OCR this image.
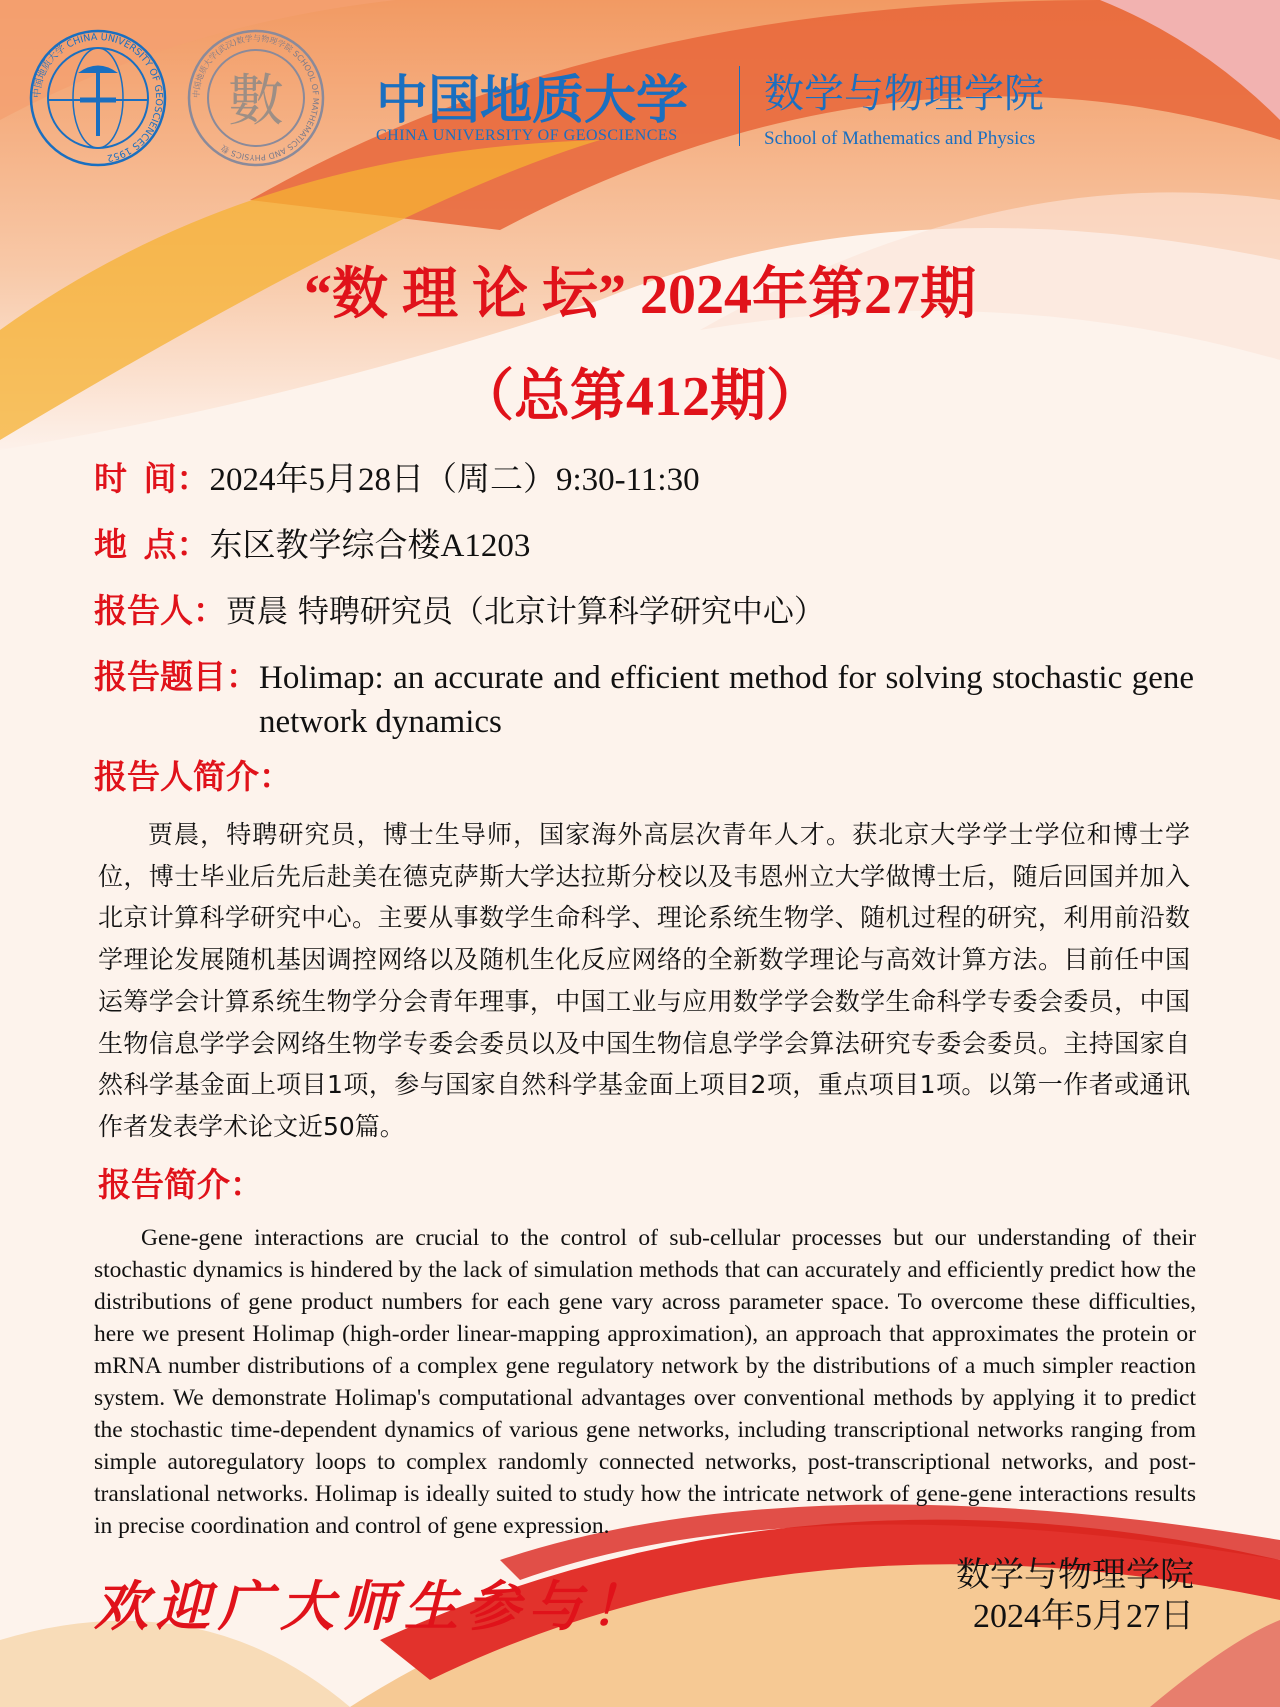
中国地质大学 CHINA UNIVERSITY OF GEOSCIENCES 1952
中国地质大学(武汉)数学与物理学院 SCHOOL OF MATHEMATICS AND PHYSICS 数
數 中国地质大学
CHINA UNIVERSITY OF GEOSCIENCES
数学与物理学院
School of Mathematics and Physics
“数 理 论 坛” 2024年第27期
（总第412期）
时  间： 2024年5月28日（周二）9:30-11:30
地  点： 东区教学综合楼A1203
报告人： 贾晨 特聘研究员（北京计算科学研究中心）
报告题目： Holimap: an accurate and efficient method for solving stochastic gene network dynamics
报告人简介：
贾晨，特聘研究员，博士生导师，国家海外高层次青年人才。获北京大学学士学位和博士学位，博士毕业后先后赴美在德克萨斯大学达拉斯分校以及韦恩州立大学做博士后，随后回国并加入北京计算科学研究中心。主要从事数学生命科学、理论系统生物学、随机过程的研究，利用前沿数学理论发展随机基因调控网络以及随机生化反应网络的全新数学理论与高效计算方法。目前任中国运筹学会计算系统生物学分会青年理事，中国工业与应用数学学会数学生命科学专委会委员，中国生物信息学学会网络生物学专委会委员以及中国生物信息学学会算法研究专委会委员。主持国家自然科学基金面上项目1项，参与国家自然科学基金面上项目2项，重点项目1项。以第一作者或通讯作者发表学术论文近50篇。
报告简介：
Gene-gene interactions are crucial to the control of sub-cellular processes but our understanding of their stochastic dynamics is hindered by the lack of simulation methods that can accurately and efficiently predict how the distributions of gene product numbers for each gene vary across parameter space. To overcome these difficulties, here we present Holimap (high-order linear-mapping approximation), an approach that approximates the protein or mRNA number distributions of a complex gene regulatory network by the distributions of a much simpler reaction system. We demonstrate Holimap's computational advantages over conventional methods by applying it to predict the stochastic time-dependent dynamics of various gene networks, including transcriptional networks ranging from simple autoregulatory loops to complex randomly connected networks, post-transcriptional networks, and post-translational networks. Holimap is ideally suited to study how the intricate network of gene-gene interactions results in precise coordination and control of gene expression.
欢迎广大师生参与！	数学与物理学院
2024年5月27日
